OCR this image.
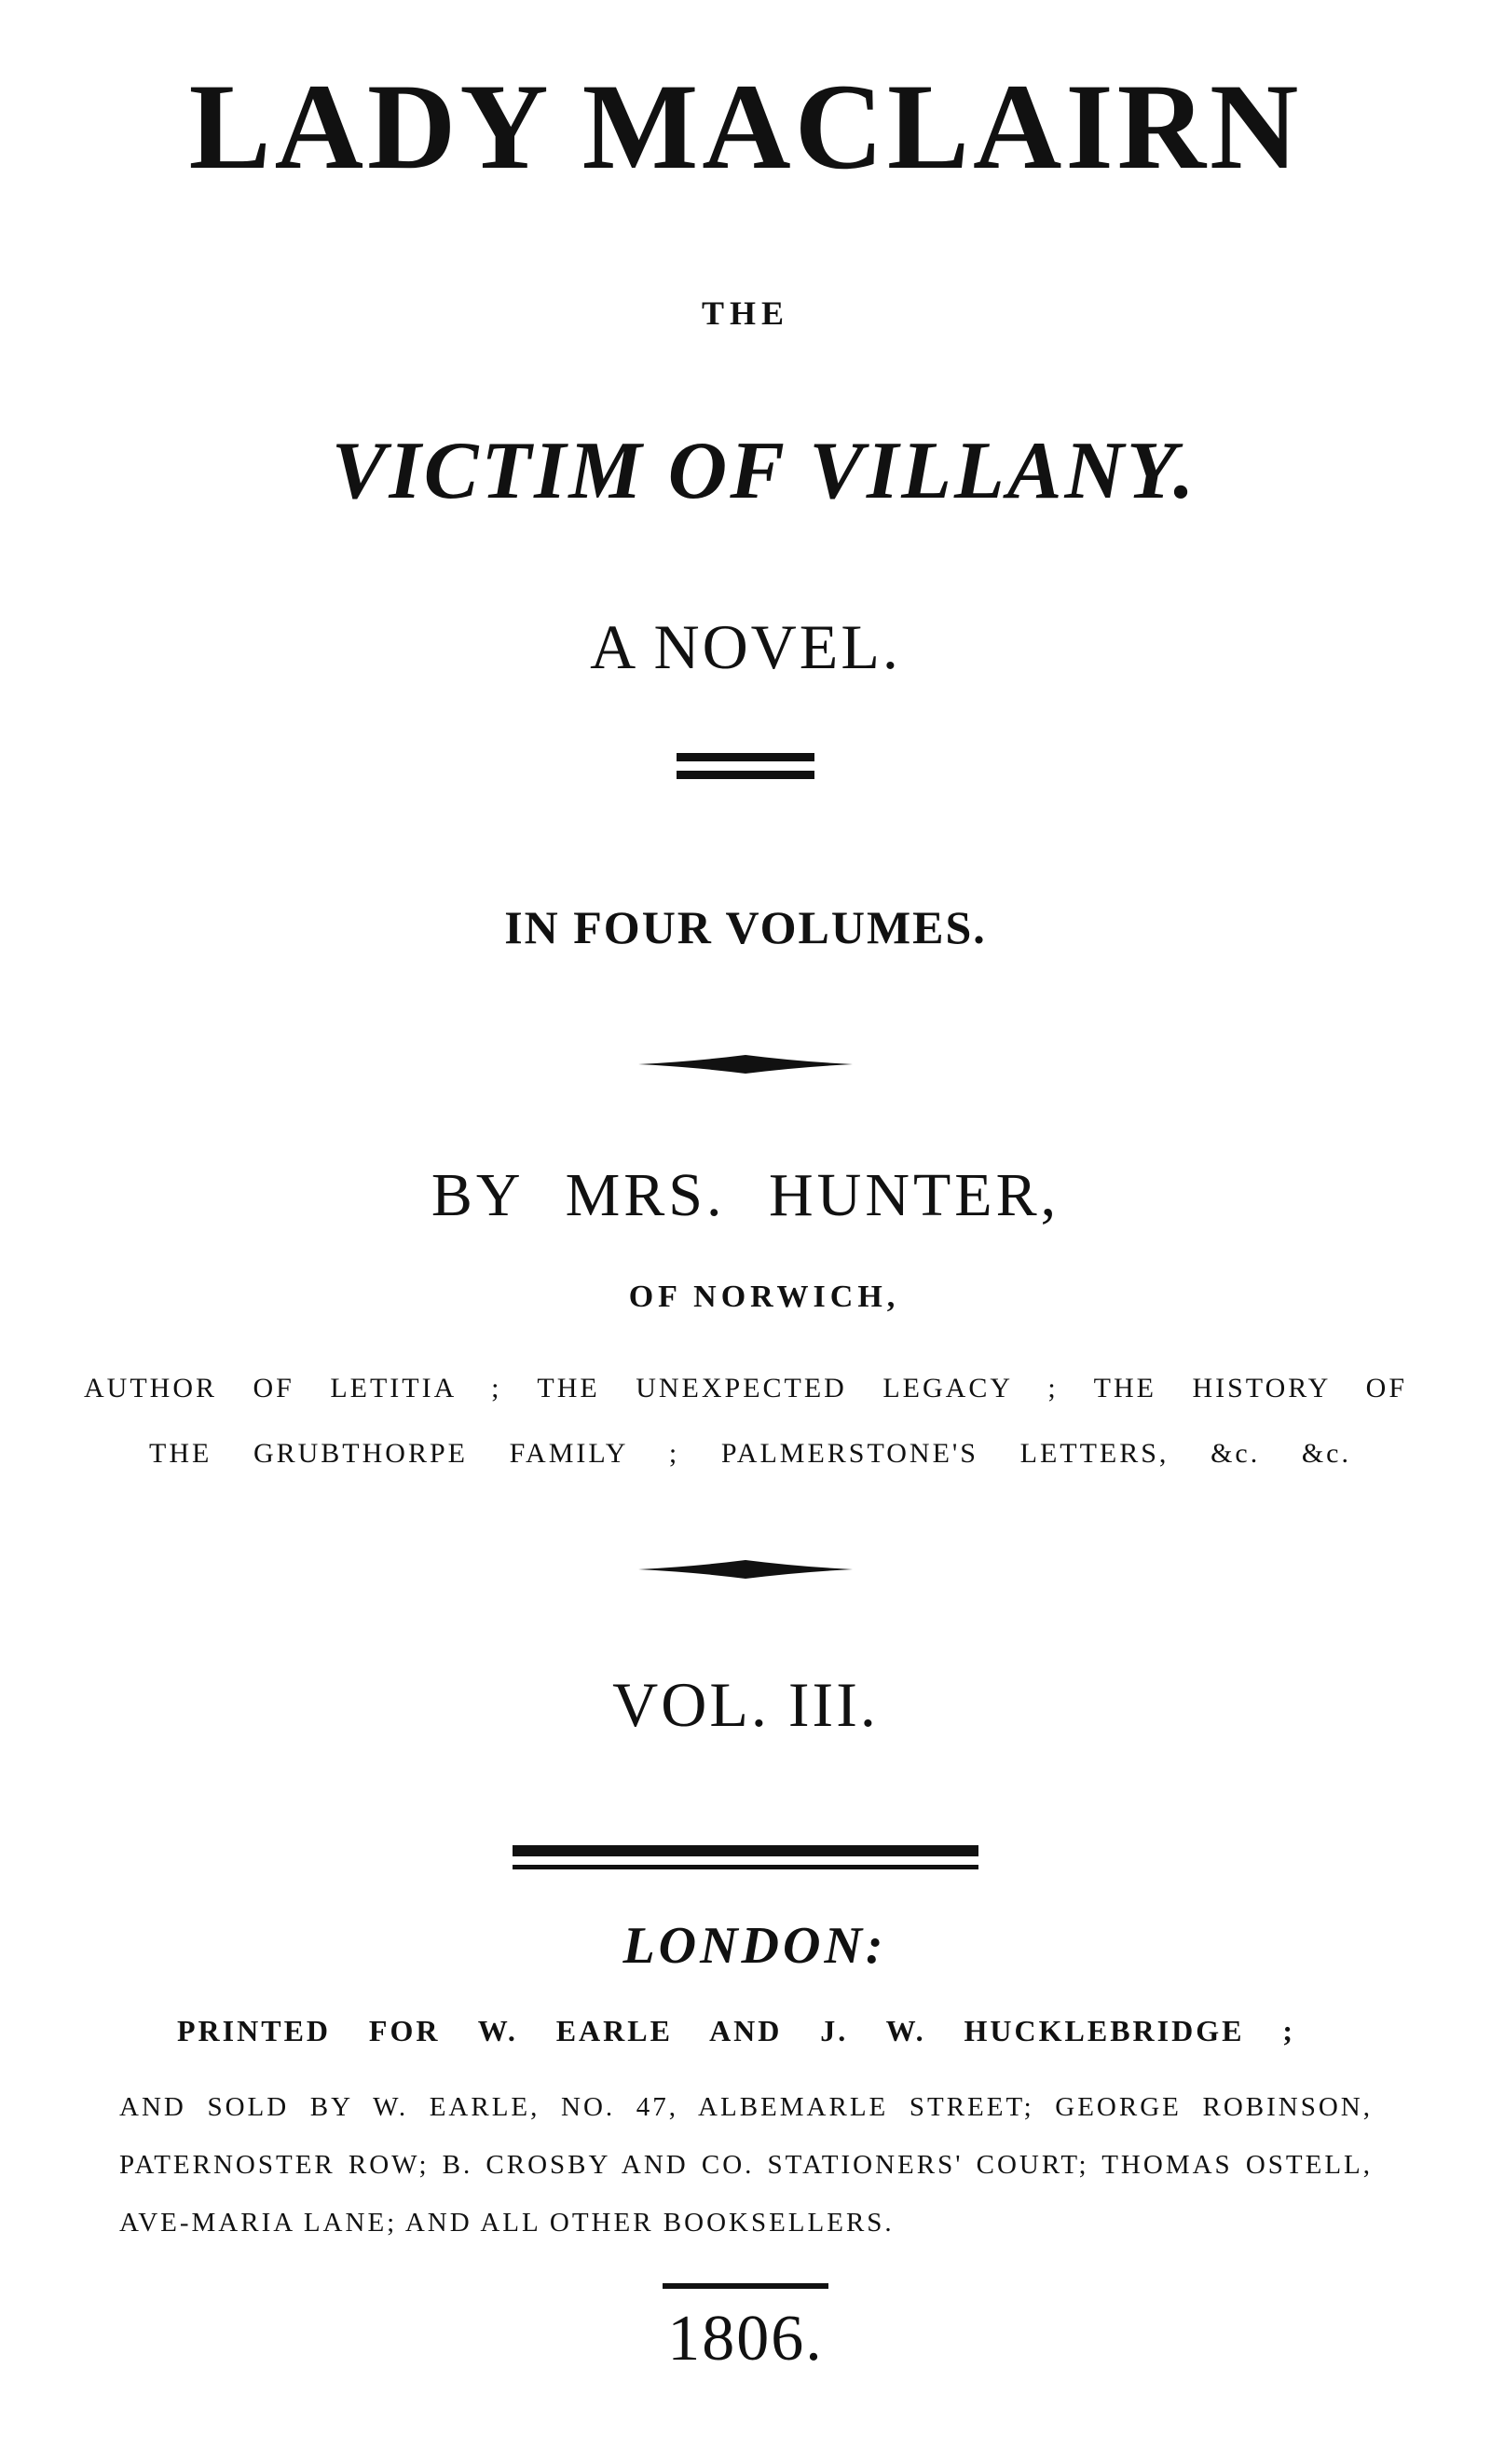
LADY MACLAIRN
THE
VICTIM OF VILLANY.
A NOVEL.
IN FOUR VOLUMES.
BY MRS. HUNTER,
OF NORWICH,
AUTHOR OF LETITIA ; THE UNEXPECTED LEGACY ; THE HISTORY OF
THE GRUBTHORPE FAMILY ; PALMERSTONE'S LETTERS, &c. &c.
VOL. III.
LONDON:
PRINTED FOR W. EARLE AND J. W. HUCKLEBRIDGE ;
AND SOLD BY W. EARLE, NO. 47, ALBEMARLE STREET; GEORGE ROBINSON, PATERNOSTER ROW; B. CROSBY AND CO. STATIONERS' COURT; THOMAS OSTELL, AVE-MARIA LANE; AND ALL OTHER BOOKSELLERS.
1806.
